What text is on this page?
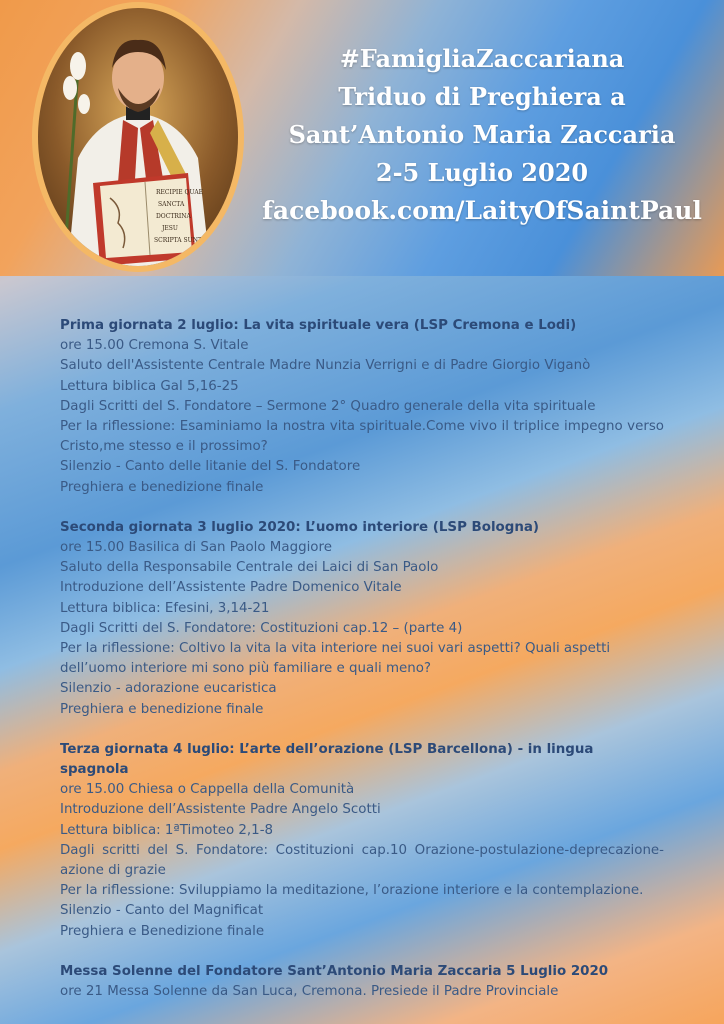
RECIPIE QUAE
SANCTA
DOCTRINA
JESU
SCRIPTA SUNT
#FamigliaZaccariana
Triduo di Preghiera a
Sant’Antonio Maria Zaccaria
2-5 Luglio 2020
facebook.com/LaityOfSaintPaul
Prima giornata 2 luglio: La vita spirituale vera (LSP Cremona e Lodi)
ore 15.00 Cremona S. Vitale
Saluto dell'Assistente Centrale Madre Nunzia Verrigni e di Padre Giorgio Viganò
Lettura biblica Gal 5,16-25
Dagli Scritti del S. Fondatore – Sermone 2° Quadro generale della vita spirituale
Per la riflessione: Esaminiamo la nostra vita spirituale.Come vivo il triplice impegno verso Cristo,me stesso e il prossimo?
Silenzio - Canto delle litanie del S. Fondatore
Preghiera e benedizione finale
Seconda giornata 3 luglio 2020: L’uomo interiore (LSP Bologna)
ore 15.00 Basilica di San Paolo Maggiore
Saluto della Responsabile Centrale dei Laici di San Paolo
Introduzione dell’Assistente Padre Domenico Vitale
Lettura biblica: Efesini, 3,14-21
Dagli Scritti del S. Fondatore: Costituzioni cap.12 – (parte 4)
Per la riflessione: Coltivo la vita la vita interiore nei suoi vari aspetti? Quali aspetti dell’uomo interiore mi sono più familiare e quali meno?
Silenzio - adorazione eucaristica
Preghiera e benedizione finale
Terza giornata 4 luglio: L’arte dell’orazione (LSP Barcellona) - in lingua spagnola
ore 15.00 Chiesa o Cappella della Comunità
Introduzione dell’Assistente Padre Angelo Scotti
Lettura biblica: 1ªTimoteo 2,1-8
Dagli scritti del S. Fondatore: Costituzioni cap.10 Orazione-postulazione-deprecazione-azione di grazie
Per la riflessione: Sviluppiamo la meditazione, l’orazione interiore e la contemplazione.
Silenzio - Canto del Magnificat
Preghiera e Benedizione finale
Messa Solenne del Fondatore Sant’Antonio Maria Zaccaria 5 Luglio 2020
ore 21 Messa Solenne da San Luca, Cremona. Presiede il Padre Provinciale
